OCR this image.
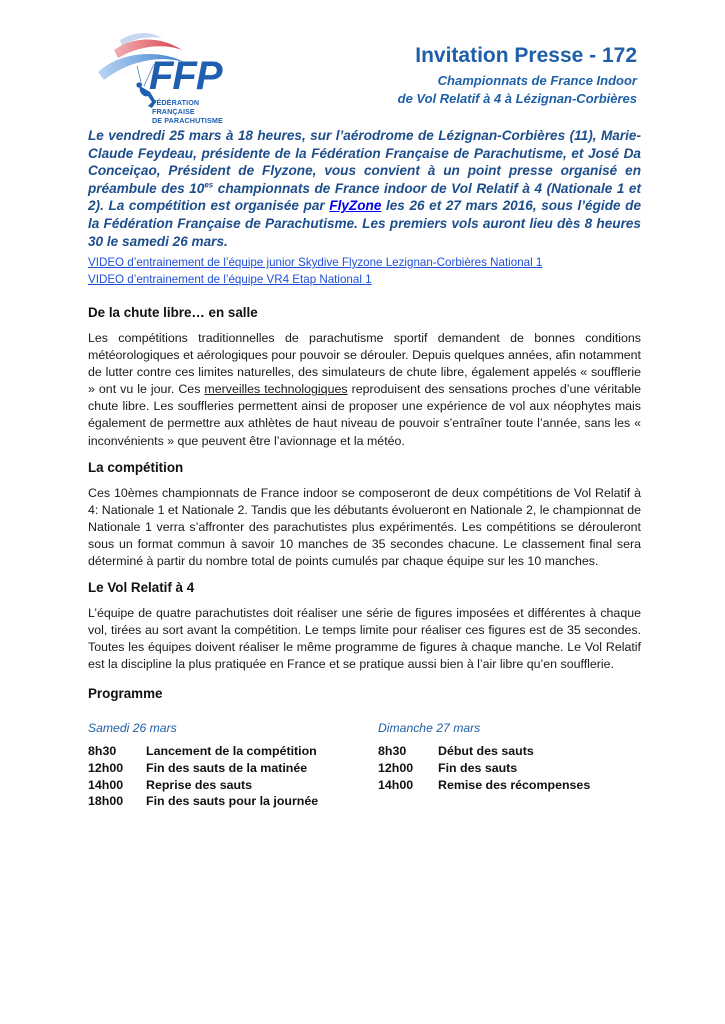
FFP
FÉDÉRATION FRANÇAISE
DE PARACHUTISME
Invitation Presse - 172
Championnats de France Indoor
de Vol Relatif à 4 à Lézignan-Corbières
Le vendredi 25 mars à 18 heures, sur l’aérodrome de Lézignan-Corbières (11), Marie-Claude Feydeau, présidente de la Fédération Française de Parachutisme, et José Da Conceiçao, Président de Flyzone, vous convient à un point presse organisé en préambule des $10^{es}$ championnats de France indoor de Vol Relatif à 4 (Nationale 1 et 2). La compétition est organisée par FlyZone les 26 et 27 mars 2016, sous l’égide de la Fédération Française de Parachutisme. Les premiers vols auront lieu dès 8 heures 30 le samedi 26 mars.
VIDEO d’entrainement de l’équipe junior Skydive Flyzone Lezignan-Corbières National 1
VIDEO d’entrainement de l’équipe VR4 Etap National 1
De la chute libre… en salle

Les compétitions traditionnelles de parachutisme sportif demandent de bonnes conditions météorologiques et aérologiques pour pouvoir se dérouler. Depuis quelques années, afin notamment de lutter contre ces limites naturelles, des simulateurs de chute libre, également appelés « soufflerie » ont vu le jour. Ces merveilles technologiques reproduisent des sensations proches d’une véritable chute libre. Les souffleries permettent ainsi de proposer une expérience de vol aux néophytes mais également de permettre aux athlètes de haut niveau de pouvoir s’entraîner toute l’année, sans les « inconvénients » que peuvent être l’avionnage et la météo.

La compétition

Ces 10èmes championnats de France indoor se composeront de deux compétitions de Vol Relatif à 4: Nationale 1 et Nationale 2. Tandis que les débutants évolueront en Nationale 2, le championnat de Nationale 1 verra s’affronter des parachutistes plus expérimentés. Les compétitions se dérouleront sous un format commun à savoir 10 manches de 35 secondes chacune. Le classement final sera déterminé à partir du nombre total de points cumulés par chaque équipe sur les 10 manches.

Le Vol Relatif à 4

L’équipe de quatre parachutistes doit réaliser une série de figures imposées et différentes à chaque vol, tirées au sort avant la compétition. Le temps limite pour réaliser ces figures est de 35 secondes. Toutes les équipes doivent réaliser le même programme de figures à chaque manche. Le Vol Relatif est la discipline la plus pratiquée en France et se pratique aussi bien à l’air libre qu’en soufflerie.

Programme
Samedi 26 mars
8h30	Lancement de la compétition
12h00	Fin des sauts de la matinée
14h00	Reprise des sauts
18h00	Fin des sauts pour la journée
Dimanche 27 mars
8h30	Début des sauts
12h00	Fin des sauts
14h00	Remise des récompenses
